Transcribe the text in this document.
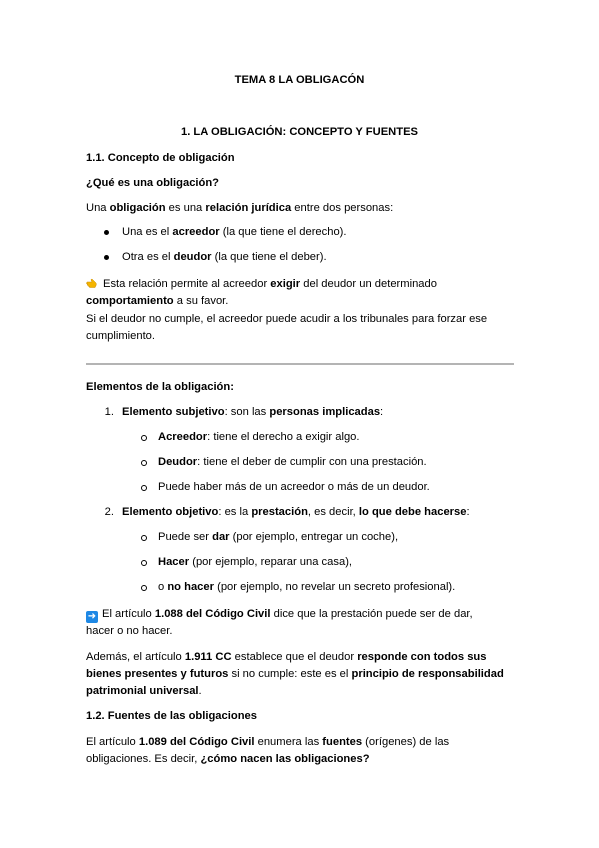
TEMA 8 LA OBLIGACÓN
1. LA OBLIGACIÓN: CONCEPTO Y FUENTES
1.1. Concepto de obligación
¿Qué es una obligación?
Una obligación es una relación jurídica entre dos personas:
Una es el acreedor (la que tiene el derecho).
Otra es el deudor (la que tiene el deber).
Esta relación permite al acreedor exigir del deudor un determinado
comportamiento a su favor.
Si el deudor no cumple, el acreedor puede acudir a los tribunales para forzar ese
cumplimiento.
Elementos de la obligación:
1. Elemento subjetivo: son las personas implicadas:
Acreedor: tiene el derecho a exigir algo.
Deudor: tiene el deber de cumplir con una prestación.
Puede haber más de un acreedor o más de un deudor.
2. Elemento objetivo: es la prestación, es decir, lo que debe hacerse:
Puede ser dar (por ejemplo, entregar un coche),
Hacer (por ejemplo, reparar una casa),
o no hacer (por ejemplo, no revelar un secreto profesional).
➜ El artículo 1.088 del Código Civil dice que la prestación puede ser de dar,
hacer o no hacer.
Además, el artículo 1.911 CC establece que el deudor responde con todos sus
bienes presentes y futuros si no cumple: este es el principio de responsabilidad
patrimonial universal.
1.2. Fuentes de las obligaciones
El artículo 1.089 del Código Civil enumera las fuentes (orígenes) de las
obligaciones. Es decir, ¿cómo nacen las obligaciones?
